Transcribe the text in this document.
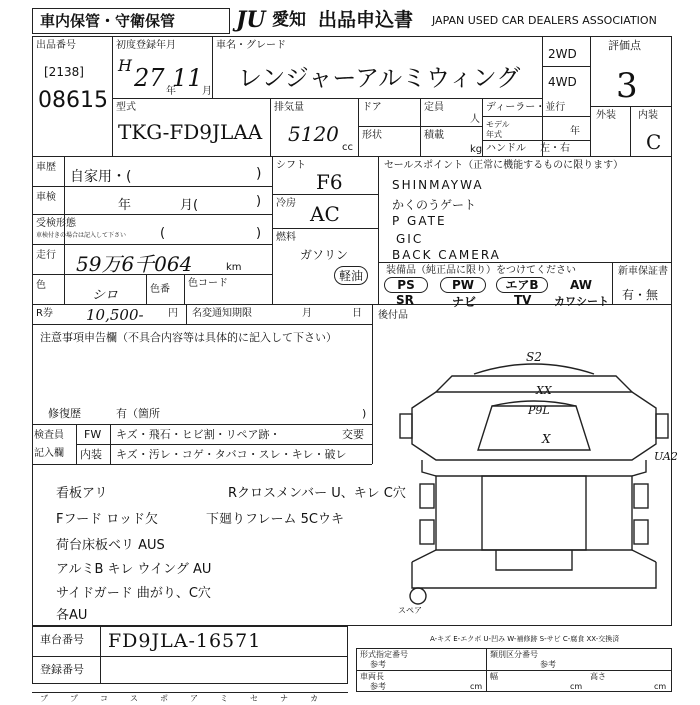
車内保管・守衛保管	JU 愛知 出品申込書 JAPAN USED CAR DEALERS ASSOCIATION
出品番号
[2138]
08615
初度登録年月
H 27 年
11 月
車名・グレード
レンジャーアルミウィング
2WD
4WD
評価点
3
外装 内装
C
型式
TKG-FD9JLAA
排気量
5120
cc
ドア	定員
人
形状	積載
kg
ディーラー・並行
モデル年式	年
ハンドル 左・右
車歴
自家用・(	)
車検
年	月(	)
受検形態
車検付きの場合は記入して下さい	(	)
走行 59万6千064	km
色
シロ	色番
色コード
シフト
F6
冷房 AC
燃料
ガソリン
軽油
セールスポイント（正常に機能するものに限ります）
SHINMAYWA
かくのうゲート
P GATE
GIC
BACK CAMERA
装備品（純正品に限り）をつけてください
PS	PW	エアB	AW
SR	ナビ	TV カワシート
新車保証書
有・無
R券 10,500- 円 名変通知期限	月	日 後付品
注意事項申告欄（不具合内容等は具体的に記入して下さい）
修復歴	有（箇所	)
検査員
記入欄
FW キズ・飛石・ヒビ割・リペア跡・	交要
内装 キズ・汚レ・コゲ・タバコ・スレ・キレ・破レ
看板アリ
Fフード ロッド欠
荷台床板ベリ AUS
アルミB キレ ウイング AU
サイドガード 曲がり、C穴
各AU
Rクロスメンバー U、キレ C穴
下廻りフレーム 5Cウキ
S2
XX
P9L
X
UA2
スペア
A-キズ E-エクボ U-凹み W-補修跡 S-サビ C-腐食 XX-交換済
車台番号 FD9JLA-16571
登録番号
形式指定番号
参考
類別区分番号
参考
車両長
参考	cm
幅
cm
高さ
cm
ブ	プ	コ	ス	ポ	ア	ミ	セ	ナ	カ
